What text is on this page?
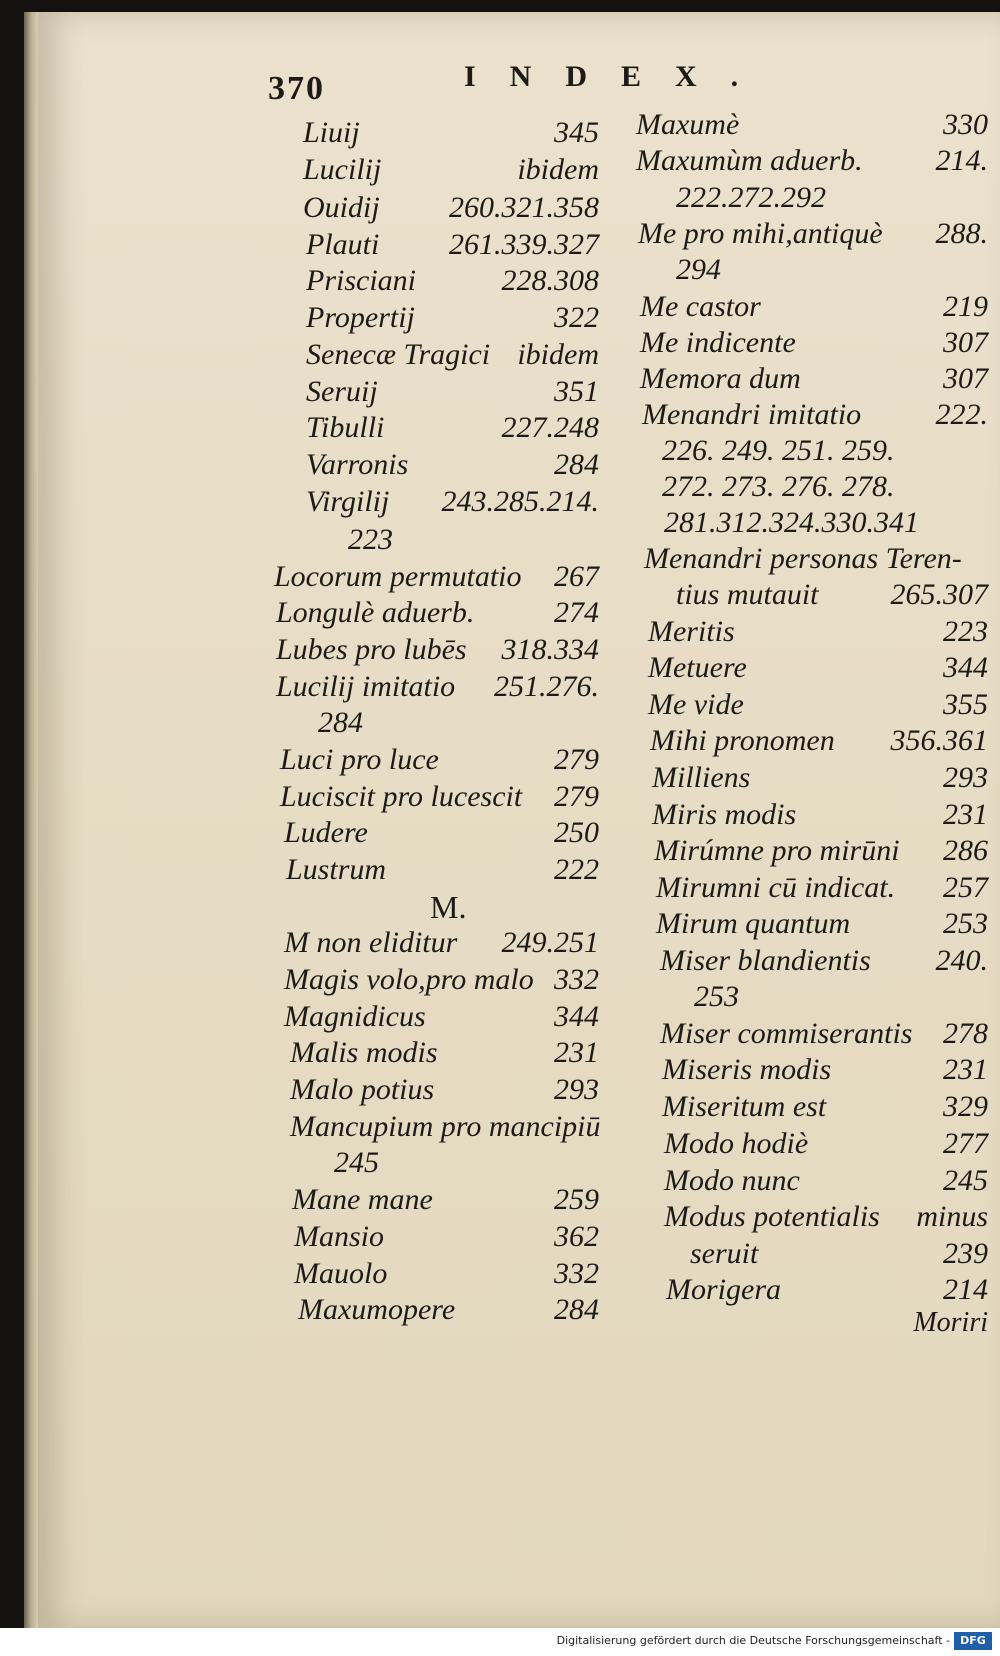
370	INDEX.
Moriri
Digitalisierung gefördert durch die Deutsche Forschungsgemeinschaft - DFG
Liuij	345
Lucilij	ibidem
Ouidij 260.321.358
Plauti 261.339.327
Prisciani	228.308
Propertij	322
Senecæ Tragici ibidem
Seruij	351
Tibulli	227.248
Varronis	284
Virgilij 243.285.214.
223
Locorum permutatio 267
Longulè aduerb.	274
Lubes pro lubēs 318.334
Lucilij imitatio 251.276.
284
Luci pro luce	279
Luciscit pro lucescit 279
Ludere	250
Lustrum	222
M.
M non eliditur 249.251
Magis volo,pro malo 332
Magnidicus	344
Malis modis	231
Malo potius	293
Mancupium pro mancipiū
245
Mane mane	259
Mansio	362
Mauolo	332
Maxumopere	284
Maxumè	330
Maxumùm aduerb. 214.
222.272.292
Me pro mihi,antiquè 288.
294
Me castor	219
Me indicente	307
Memora dum	307
Menandri imitatio 222.
226. 249. 251. 259.
272. 273. 276. 278.
281.312.324.330.341
Menandri personas Teren-
tius mutauit 265.307
Meritis	223
Metuere	344
Me vide	355
Mihi pronomen 356.361
Milliens	293
Miris modis	231
Mirúmne pro mirūni 286
Mirumni cū indicat. 257
Mirum quantum	253
Miser blandientis 240.
253
Miser commiserantis 278
Miseris modis	231
Miseritum est	329
Modo hodiè	277
Modo nunc	245
Modus potentialis minus
seruit	239
Morigera	214
